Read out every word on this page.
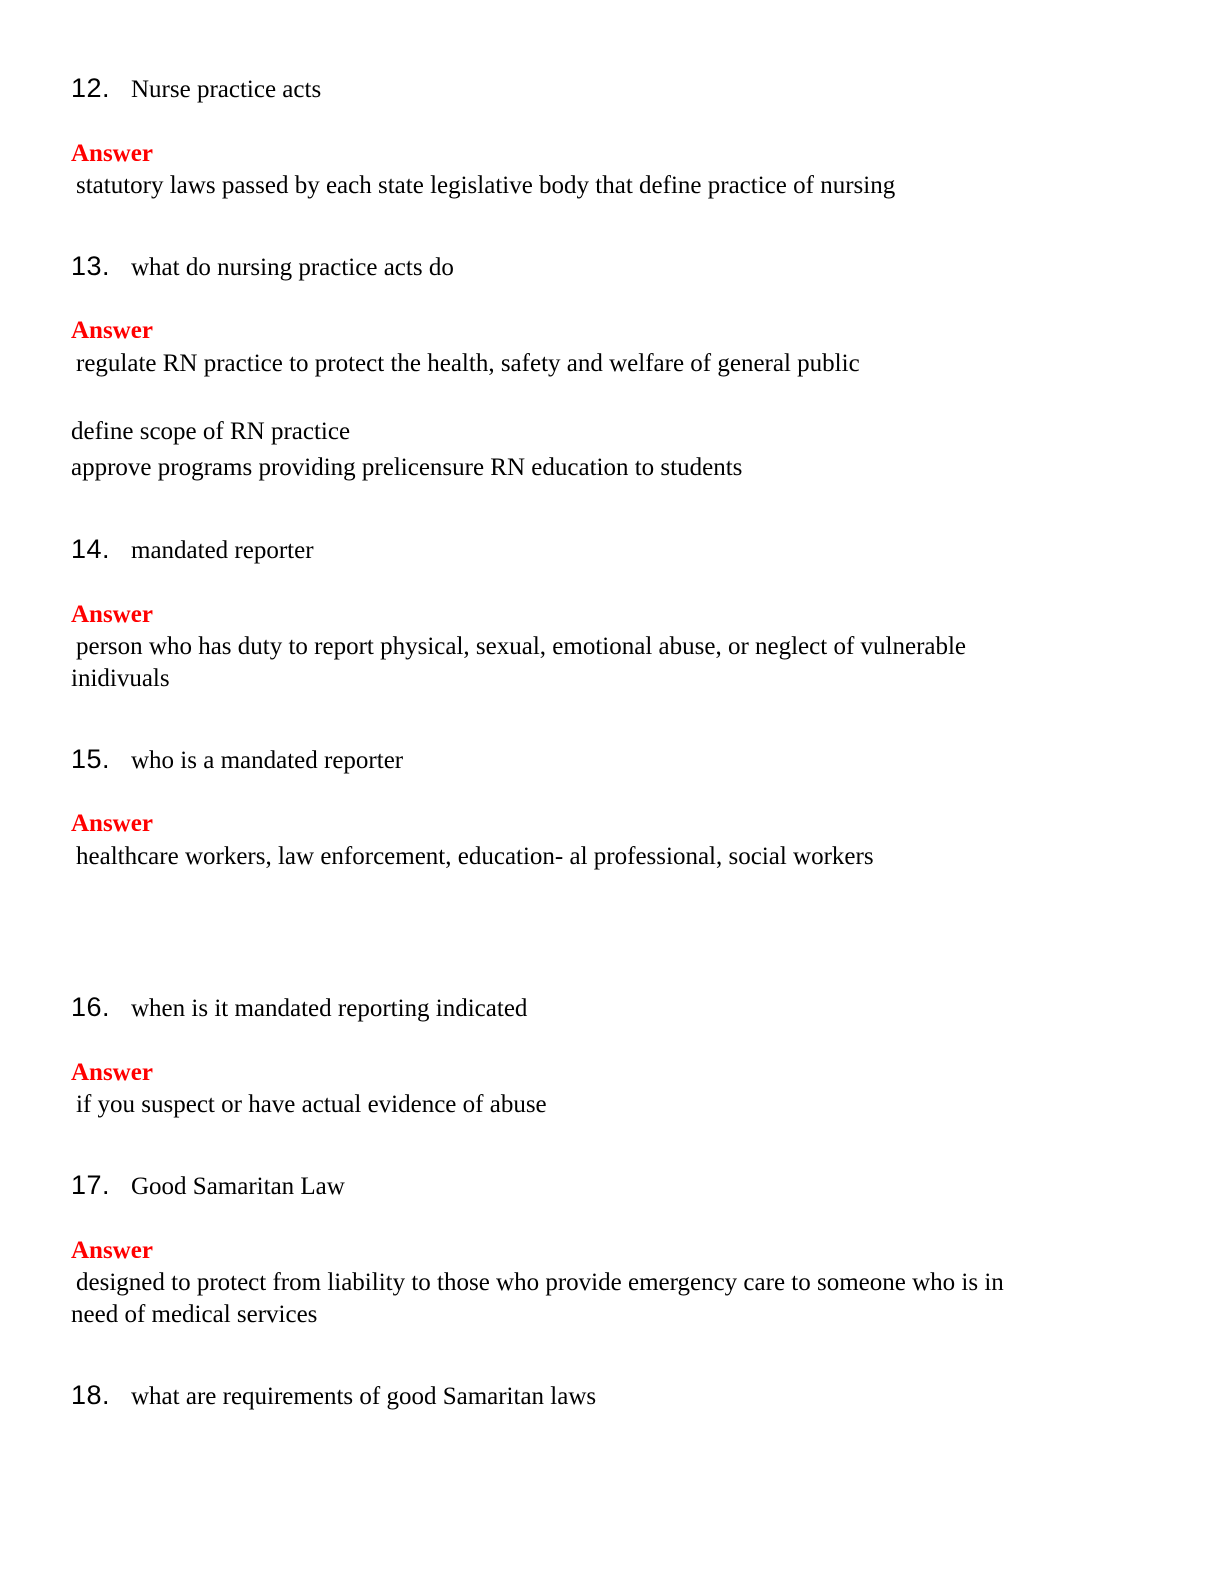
12. Nurse practice acts
Answer
statutory laws passed by each state legislative body that define practice of nursing
13. what do nursing practice acts do
Answer
regulate RN practice to protect the health, safety and welfare of general public
define scope of RN practice
approve programs providing prelicensure RN education to students
14. mandated reporter
Answer
person who has duty to report physical, sexual, emotional abuse, or neglect of vulnerable
inidivuals
15. who is a mandated reporter
Answer
healthcare workers, law enforcement, education- al professional, social workers
16. when is it mandated reporting indicated
Answer
if you suspect or have actual evidence of abuse
17. Good Samaritan Law
Answer
designed to protect from liability to those who provide emergency care to someone who is in
need of medical services
18. what are requirements of good Samaritan laws
